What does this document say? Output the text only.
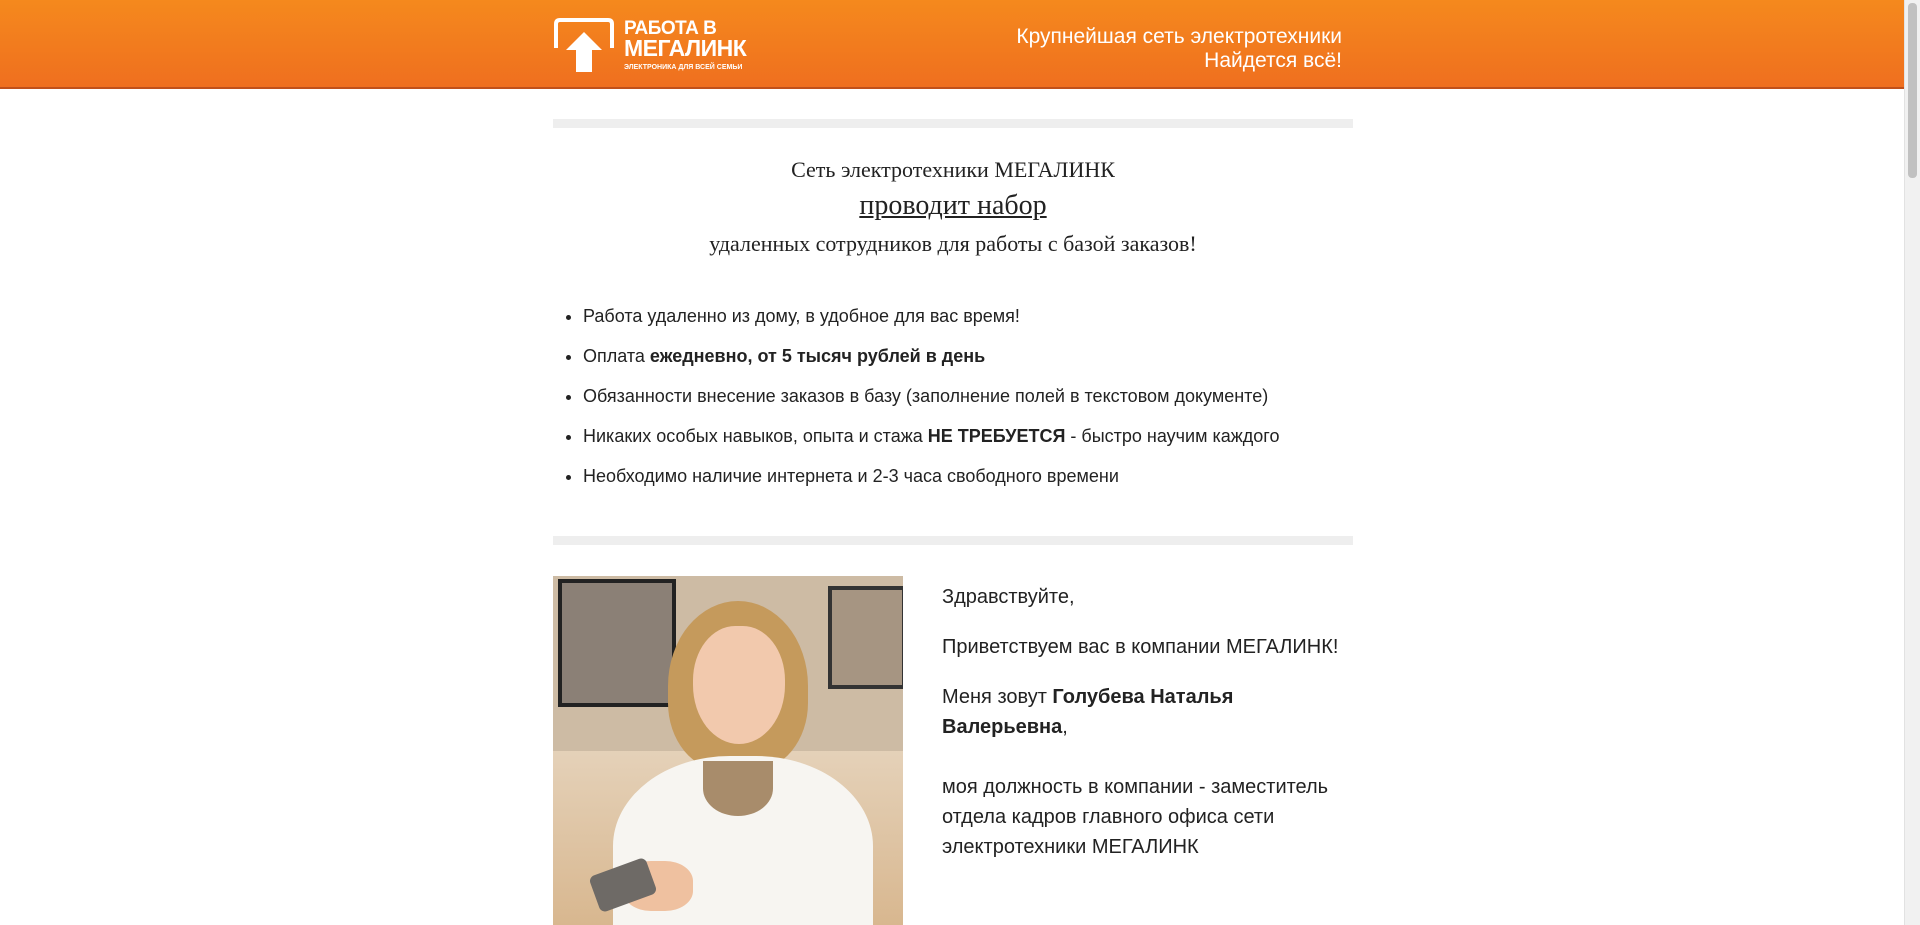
РАБОТА В
МЕГАЛИНК
ЭЛЕКТРОНИКА ДЛЯ ВСЕЙ СЕМЬИ
Крупнейшая сеть электротехники
Найдется всё!
Сеть электротехники МЕГАЛИНК
проводит набор
удаленных сотрудников для работы с базой заказов!
• Работа удаленно из дому, в удобное для вас время!
• Оплата ежедневно, от 5 тысяч рублей в день
• Обязанности внесение заказов в базу (заполнение полей в текстовом документе)
• Никаких особых навыков, опыта и стажа НЕ ТРЕБУЕТСЯ - быстро научим каждого
• Необходимо наличие интернета и 2-3 часа свободного времени

Здравствуйте,

Приветствуем вас в компании МЕГАЛИНК!

Меня зовут Голубева Наталья Валерьевна,

моя должность в компании - заместитель отдела кадров главного офиса сети электротехники МЕГАЛИНК
